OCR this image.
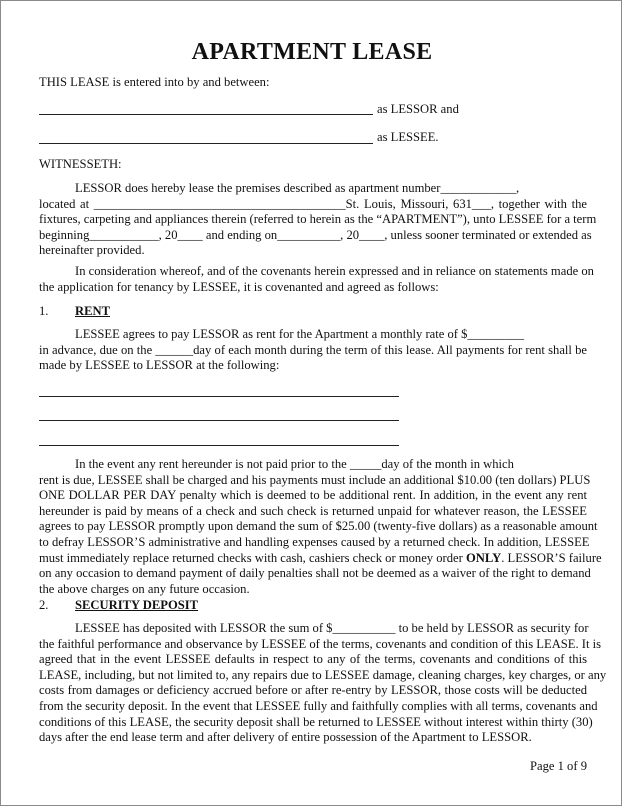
APARTMENT LEASE
THIS LEASE is entered into by and between:
as LESSOR and
as LESSEE.
WITNESSETH:
LESSOR does hereby lease the premises described as apartment number____________,
located at ________________________________________St. Louis, Missouri, 631___, together with the
fixtures, carpeting and appliances therein (referred to herein as the “APARTMENT”), unto LESSEE for a term
beginning___________, 20____ and ending on__________, 20____, unless sooner terminated or extended as
hereinafter provided.
In consideration whereof, and of the covenants herein expressed and in reliance on statements made on
the application for tenancy by LESSEE, it is covenanted and agreed as follows:
1. RENT
LESSEE agrees to pay LESSOR as rent for the Apartment a monthly rate of $_________
in advance, due on the ______day of each month during the term of this lease. All payments for rent shall be
made by LESSEE to LESSOR at the following:
In the event any rent hereunder is not paid prior to the _____day of the month in which
rent is due, LESSEE shall be charged and his payments must include an additional $10.00 (ten dollars) PLUS
ONE DOLLAR PER DAY penalty which is deemed to be additional rent. In addition, in the event any rent
hereunder is paid by means of a check and such check is returned unpaid for whatever reason, the LESSEE
agrees to pay LESSOR promptly upon demand the sum of $25.00 (twenty-five dollars) as a reasonable amount
to defray LESSOR’S administrative and handling expenses caused by a returned check. In addition, LESSEE
must immediately replace returned checks with cash, cashiers check or money order ONLY. LESSOR’S failure
on any occasion to demand payment of daily penalties shall not be deemed as a waiver of the right to demand
the above charges on any future occasion.
2. SECURITY DEPOSIT
LESSEE has deposited with LESSOR the sum of $__________ to be held by LESSOR as security for
the faithful performance and observance by LESSEE of the terms, covenants and condition of this LEASE. It is
agreed that in the event LESSEE defaults in respect to any of the terms, covenants and conditions of this
LEASE, including, but not limited to, any repairs due to LESSEE damage, cleaning charges, key charges, or any
costs from damages or deficiency accrued before or after re-entry by LESSOR, those costs will be deducted
from the security deposit. In the event that LESSEE fully and faithfully complies with all terms, covenants and
conditions of this LEASE, the security deposit shall be returned to LESSEE without interest within thirty (30)
days after the end lease term and after delivery of entire possession of the Apartment to LESSOR.
Page 1 of 9
